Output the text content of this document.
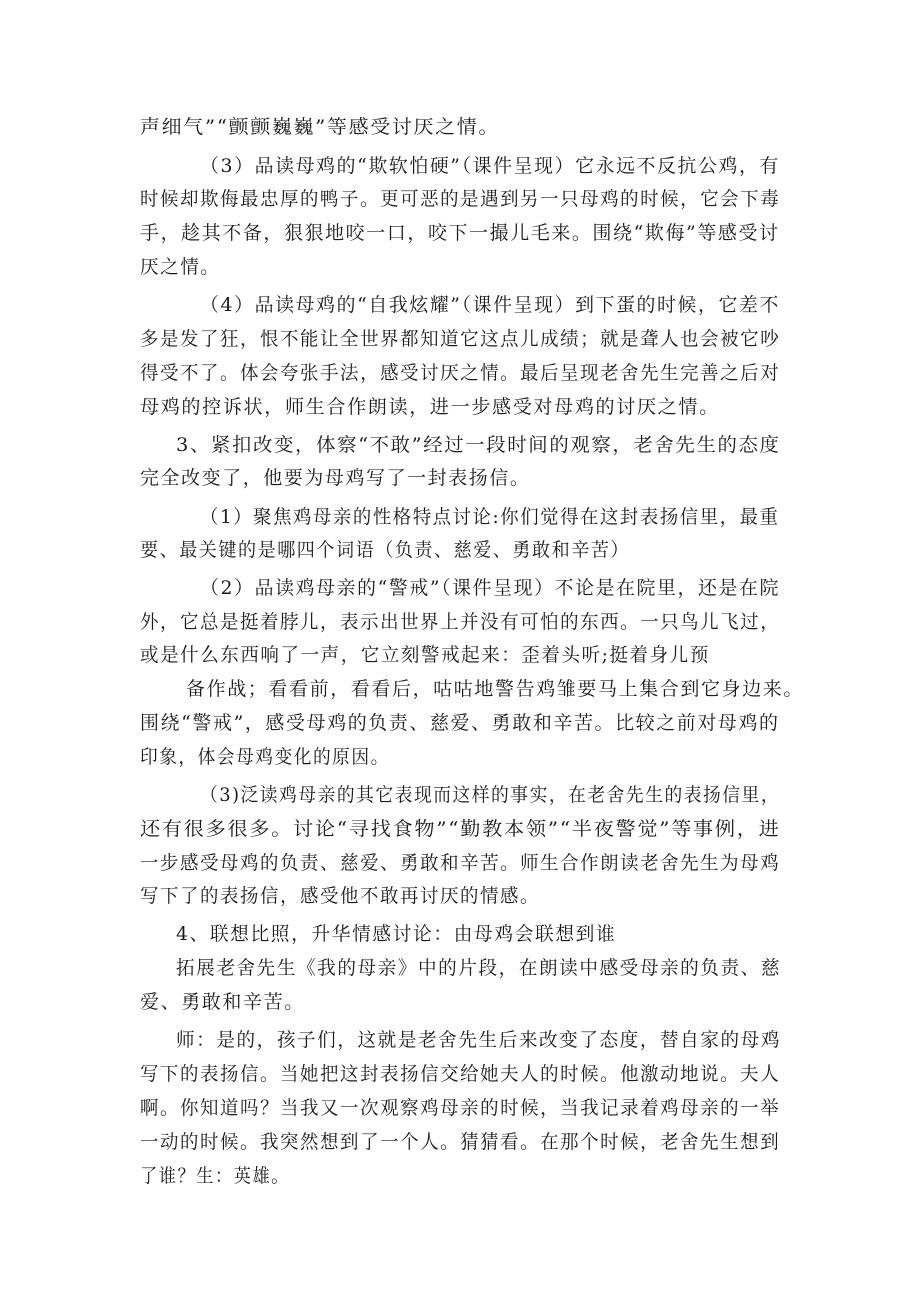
声细气”“颤颤巍巍”等感受讨厌之情。
（3）品读母鸡的“欺软怕硬”（课件呈现）它永远不反抗公鸡，有
时候却欺侮最忠厚的鸭子。更可恶的是遇到另一只母鸡的时候，它会下毒
手，趁其不备，狠狠地咬一口，咬下一撮儿毛来。围绕“欺侮”等感受讨
厌之情。
（4）品读母鸡的“自我炫耀”（课件呈现）到下蛋的时候，它差不
多是发了狂，恨不能让全世界都知道它这点儿成绩；就是聋人也会被它吵
得受不了。体会夸张手法，感受讨厌之情。最后呈现老舍先生完善之后对
母鸡的控诉状，师生合作朗读，进一步感受对母鸡的讨厌之情。
3、紧扣改变，体察“不敢”经过一段时间的观察，老舍先生的态度
完全改变了，他要为母鸡写了一封表扬信。
（1）聚焦鸡母亲的性格特点讨论:你们觉得在这封表扬信里，最重
要、最关键的是哪四个词语（负责、慈爱、勇敢和辛苦）
（2）品读鸡母亲的“警戒”（课件呈现）不论是在院里，还是在院
外，它总是挺着脖儿，表示出世界上并没有可怕的东西。一只鸟儿飞过，
或是什么东西响了一声，它立刻警戒起来：歪着头听;挺着身儿预
备作战；看看前，看看后，咕咕地警告鸡雏要马上集合到它身边来。
围绕“警戒”，感受母鸡的负责、慈爱、勇敢和辛苦。比较之前对母鸡的
印象，体会母鸡变化的原因。
（3)泛读鸡母亲的其它表现而这样的事实，在老舍先生的表扬信里，
还有很多很多。讨论“寻找食物”“勤教本领”“半夜警觉”等事例，进
一步感受母鸡的负责、慈爱、勇敢和辛苦。师生合作朗读老舍先生为母鸡
写下了的表扬信，感受他不敢再讨厌的情感。
4、联想比照，升华情感讨论：由母鸡会联想到谁
拓展老舍先生《我的母亲》中的片段，在朗读中感受母亲的负责、慈
爱、勇敢和辛苦。
师：是的，孩子们，这就是老舍先生后来改变了态度，替自家的母鸡
写下的表扬信。当她把这封表扬信交给她夫人的时候。他激动地说。夫人
啊。你知道吗？当我又一次观察鸡母亲的时候，当我记录着鸡母亲的一举
一动的时候。我突然想到了一个人。猜猜看。在那个时候，老舍先生想到
了谁？生：英雄。
